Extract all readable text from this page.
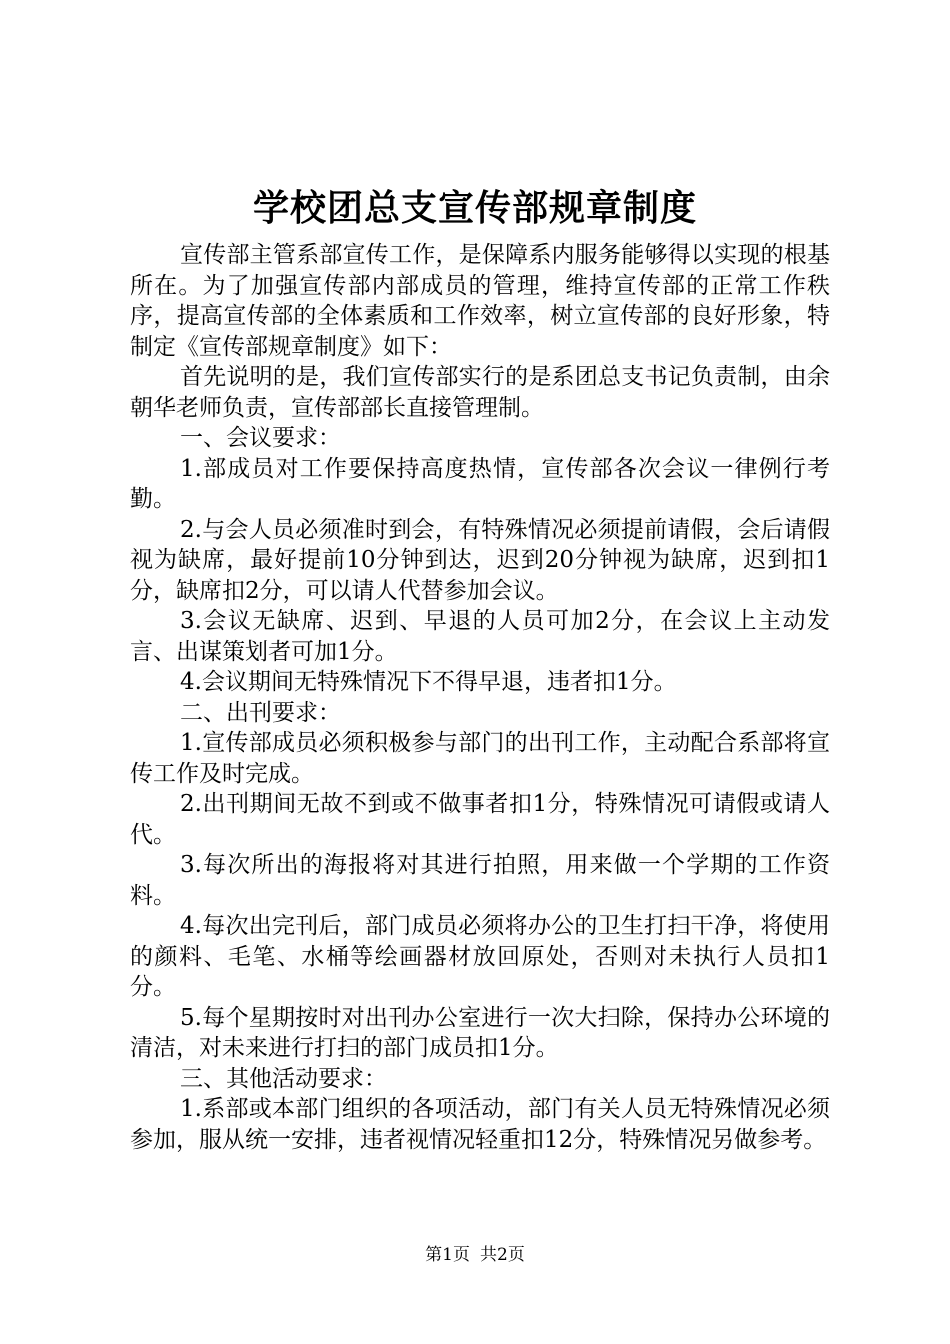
学校团总支宣传部规章制度

宣传部主管系部宣传工作，是保障系内服务能够得以实现的根基所在。为了加强宣传部内部成员的管理，维持宣传部的正常工作秩序，提高宣传部的全体素质和工作效率，树立宣传部的良好形象，特制定《宣传部规章制度》如下：

首先说明的是，我们宣传部实行的是系团总支书记负责制，由余朝华老师负责，宣传部部长直接管理制。

一、会议要求：

1.部成员对工作要保持高度热情，宣传部各次会议一律例行考勤。

2.与会人员必须准时到会，有特殊情况必须提前请假，会后请假视为缺席，最好提前10分钟到达，迟到20分钟视为缺席，迟到扣1分，缺席扣2分，可以请人代替参加会议。

3.会议无缺席、迟到、早退的人员可加2分，在会议上主动发言、出谋策划者可加1分。

4.会议期间无特殊情况下不得早退，违者扣1分。

二、出刊要求：

1.宣传部成员必须积极参与部门的出刊工作，主动配合系部将宣传工作及时完成。

2.出刊期间无故不到或不做事者扣1分，特殊情况可请假或请人代。

3.每次所出的海报将对其进行拍照，用来做一个学期的工作资料。

4.每次出完刊后，部门成员必须将办公的卫生打扫干净，将使用的颜料、毛笔、水桶等绘画器材放回原处，否则对未执行人员扣1分。

5.每个星期按时对出刊办公室进行一次大扫除，保持办公环境的清洁，对未来进行打扫的部门成员扣1分。

三、其他活动要求：

1.系部或本部门组织的各项活动，部门有关人员无特殊情况必须参加，服从统一安排，违者视情况轻重扣12分，特殊情况另做参考。

第1页 共2页
